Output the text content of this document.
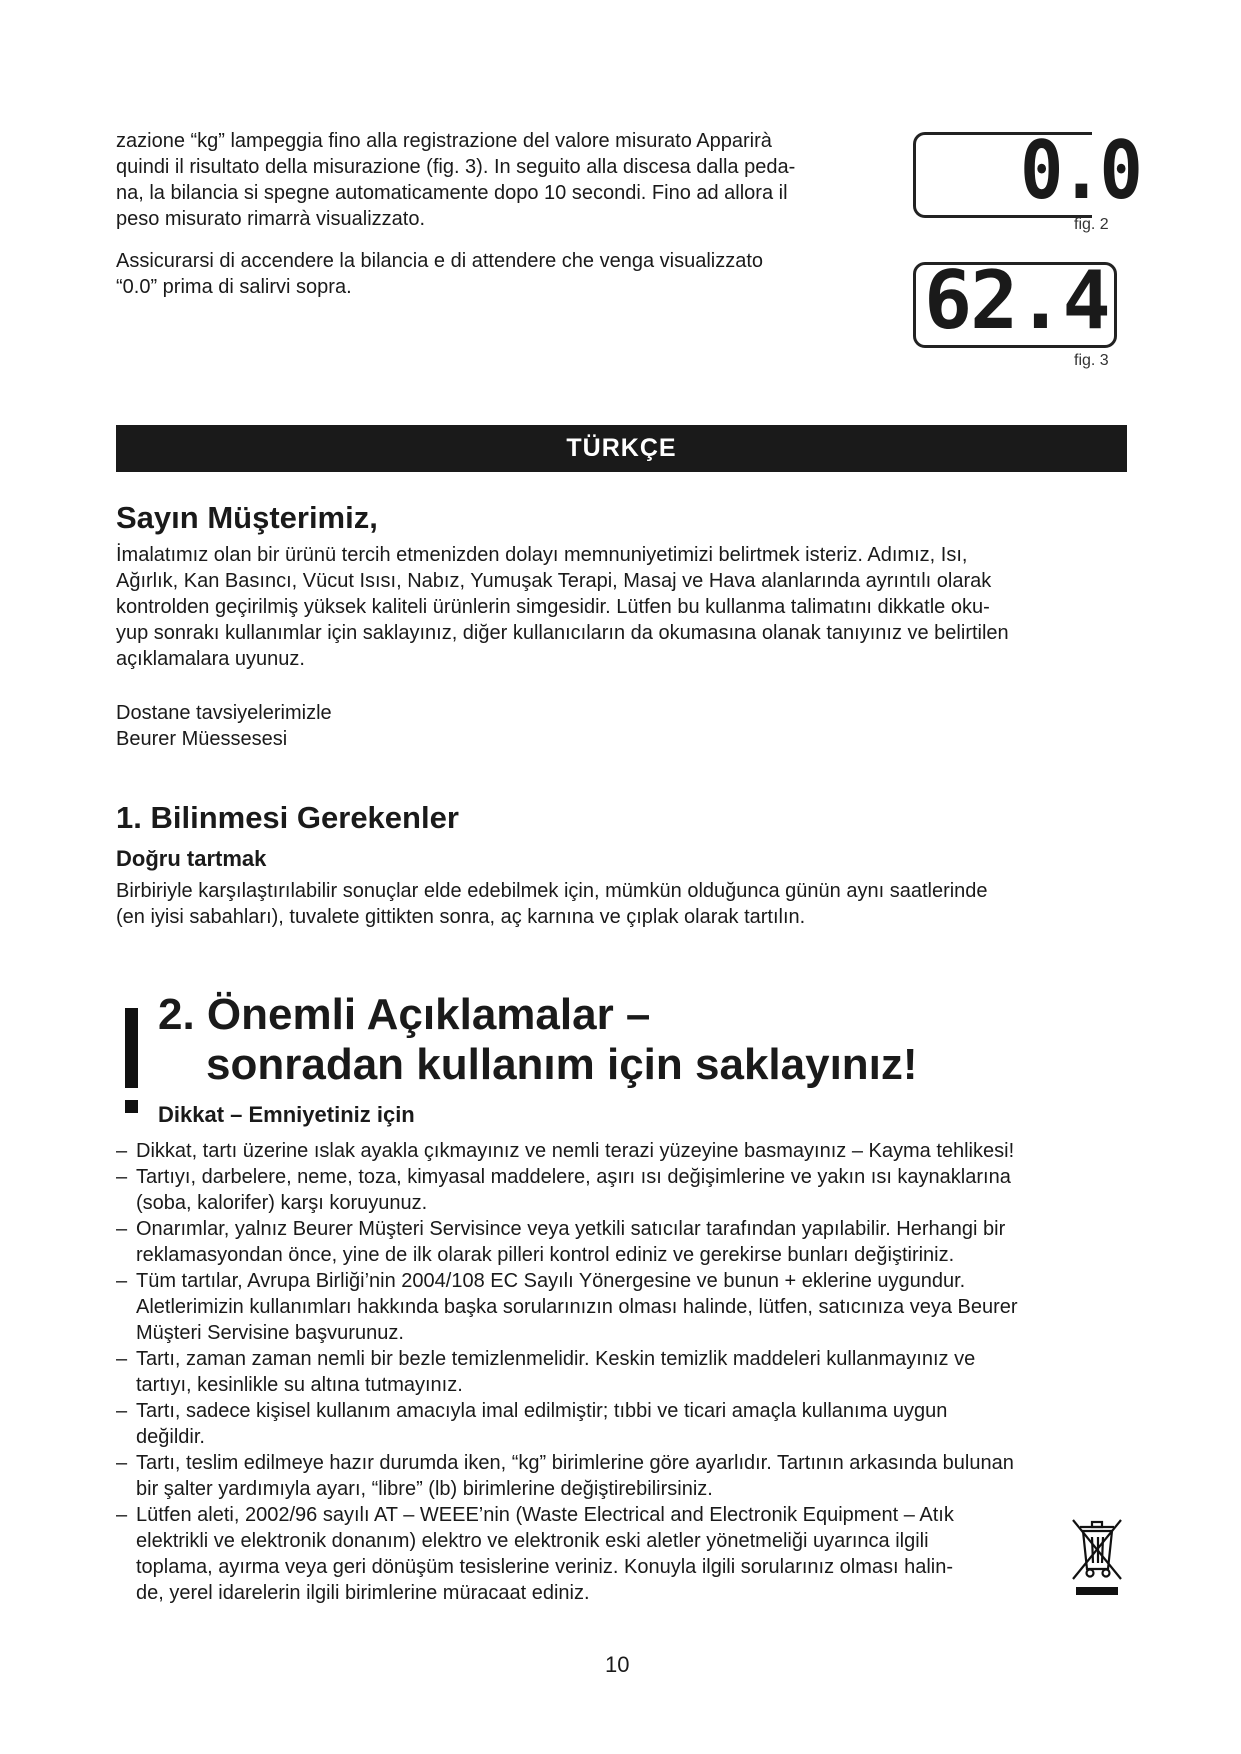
zazione “kg” lampeggia fino alla registrazione del valore misurato Apparirà
quindi il risultato della misurazione (fig. 3). In seguito alla discesa dalla peda-
na, la bilancia si spegne automaticamente dopo 10 secondi. Fino ad allora il
peso misurato rimarrà visualizzato.

Assicurarsi di accendere la bilancia e di attendere che venga visualizzato
“0.0” prima di salirvi sopra.

0.0
fig. 2
62.4
fig. 3
TÜRKÇE
Sayın Müşterimiz,

İmalatımız olan bir ürünü tercih etmenizden dolayı memnuniyetimizi belirtmek isteriz. Adımız, Isı,
Ağırlık, Kan Basıncı, Vücut Isısı, Nabız, Yumuşak Terapi, Masaj ve Hava alanlarında ayrıntılı olarak
kontrolden geçirilmiş yüksek kaliteli ürünlerin simgesidir. Lütfen bu kullanma talimatını dikkatle oku-
yup sonrakı kullanımlar için saklayınız, diğer kullanıcıların da okumasına olanak tanıyınız ve belirtilen
açıklamalara uyunuz.

Dostane tavsiyelerimizle
Beurer Müessesesi

1. Bilinmesi Gerekenler
Doğru tartmak

Birbiriyle karşılaştırılabilir sonuçlar elde edebilmek için, mümkün olduğunca günün aynı saatlerinde
(en iyisi sabahları), tuvalete gittikten sonra, aç karnına ve çıplak olarak tartılın.

2. Önemli Açıklamalar –
sonradan kullanım için saklayınız!
Dikkat – Emniyetiniz için
– Dikkat, tartı üzerine ıslak ayakla çıkmayınız ve nemli terazi yüzeyine basmayınız – Kayma tehlikesi!
– Tartıyı, darbelere, neme, toza, kimyasal maddelere, aşırı ısı değişimlerine ve yakın ısı kaynaklarına
(soba, kalorifer) karşı koruyunuz.
– Onarımlar, yalnız Beurer Müşteri Servisince veya yetkili satıcılar tarafından yapılabilir. Herhangi bir
reklamasyondan önce, yine de ilk olarak pilleri kontrol ediniz ve gerekirse bunları değiştiriniz.
– Tüm tartılar, Avrupa Birliği’nin 2004/108 EC Sayılı Yönergesine ve bunun + eklerine uygundur.
Aletlerimizin kullanımları hakkında başka sorularınızın olması halinde, lütfen, satıcınıza veya Beurer
Müşteri Servisine başvurunuz.
– Tartı, zaman zaman nemli bir bezle temizlenmelidir. Keskin temizlik maddeleri kullanmayınız ve
tartıyı, kesinlikle su altına tutmayınız.
– Tartı, sadece kişisel kullanım amacıyla imal edilmiştir; tıbbi ve ticari amaçla kullanıma uygun
değildir.
– Tartı, teslim edilmeye hazır durumda iken, “kg” birimlerine göre ayarlıdır. Tartının arkasında bulunan
bir şalter yardımıyla ayarı, “libre” (lb) birimlerine değiştirebilirsiniz.
– Lütfen aleti, 2002/96 sayılı AT – WEEE’nin (Waste Electrical and Electronik Equipment – Atık
elektrikli ve elektronik donanım) elektro ve elektronik eski aletler yönetmeliği uyarınca ilgili
toplama, ayırma veya geri dönüşüm tesislerine veriniz. Konuyla ilgili sorularınız olması halin-
de, yerel idarelerin ilgili birimlerine müracaat ediniz.
10
